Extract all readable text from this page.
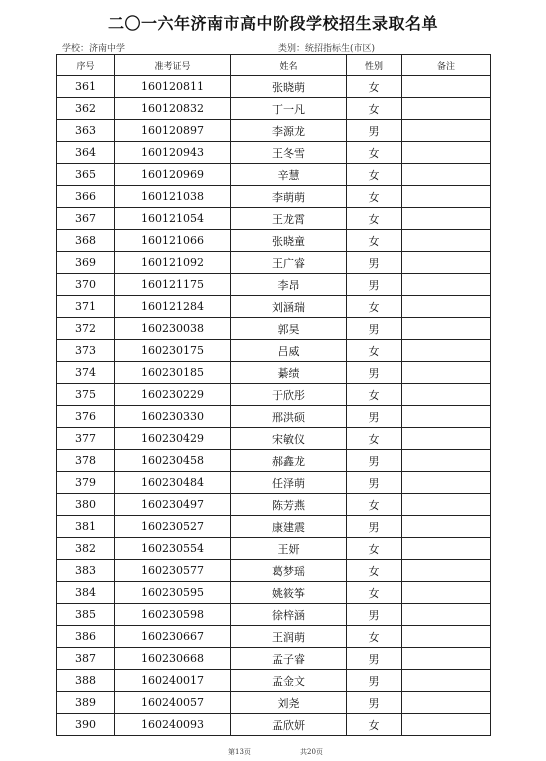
二〇一六年济南市高中阶段学校招生录取名单
学校：济南中学	类别：统招指标生(市区)
序号	准考证号	姓名	性别	备注
361	160120811	张晓萌	女	
362	160120832	丁一凡	女	
363	160120897	李源龙	男	
364	160120943	王冬雪	女	
365	160120969	辛慧	女	
366	160121038	李萌萌	女	
367	160121054	王龙霄	女	
368	160121066	张晓童	女	
369	160121092	王广睿	男	
370	160121175	李昂	男	
371	160121284	刘涵瑞	女	
372	160230038	郭昊	男	
373	160230175	吕威	女	
374	160230185	綦绩	男	
375	160230229	于欣彤	女	
376	160230330	邢洪硕	男	
377	160230429	宋敏仪	女	
378	160230458	郝鑫龙	男	
379	160230484	任泽萌	男	
380	160230497	陈芳燕	女	
381	160230527	康建震	男	
382	160230554	王妍	女	
383	160230577	葛梦瑶	女	
384	160230595	姚筱筝	女	
385	160230598	徐梓涵	男	
386	160230667	王润萌	女	
387	160230668	孟子睿	男	
388	160240017	孟金文	男	
389	160240057	刘尧	男	
390	160240093	孟欣妍	女	
第13页	共20页
